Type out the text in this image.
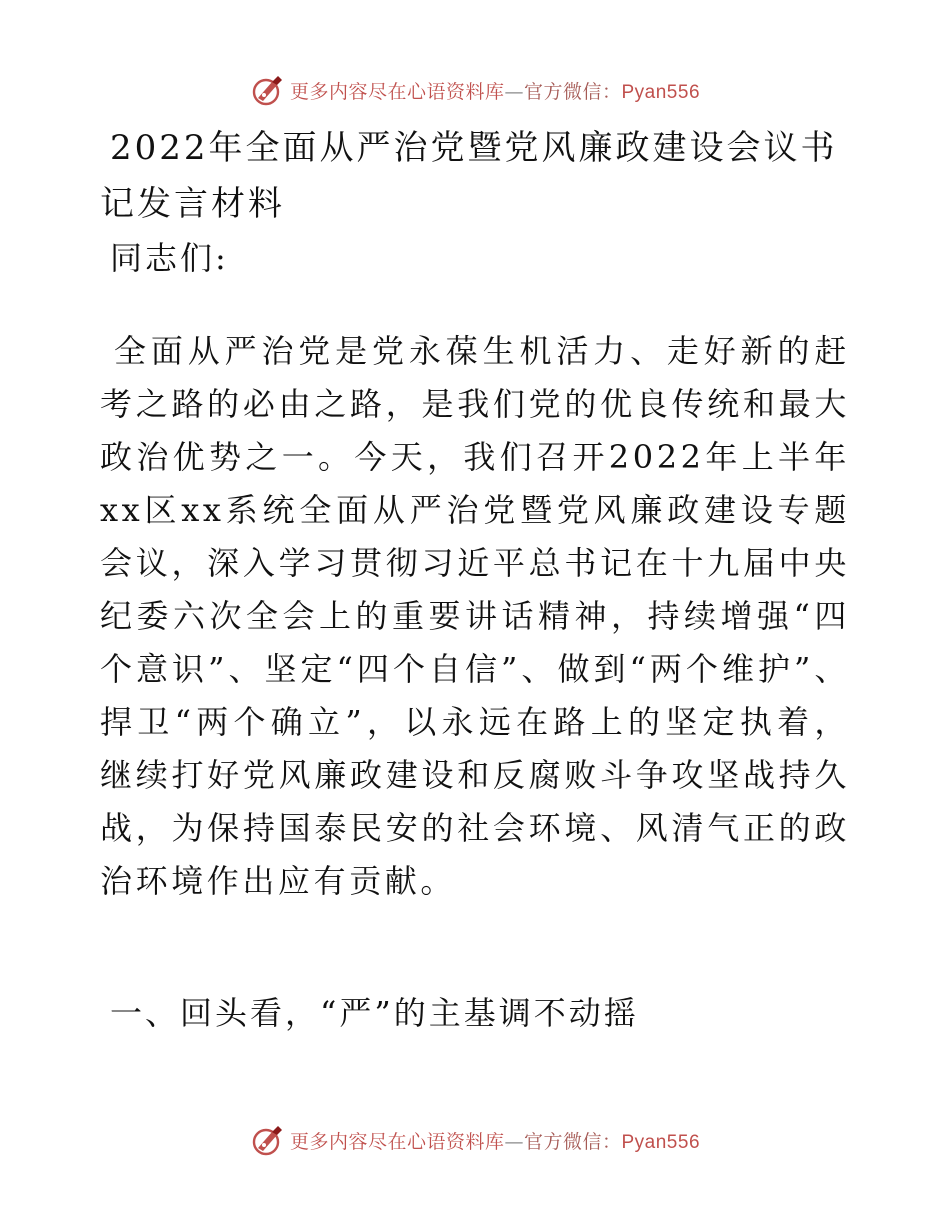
更多内容尽在心语资料库—官方微信：Pyan556
2022年全面从严治党暨党风廉政建设会议书记发言材料
同志们:

全面从严治党是党永葆生机活力、走好新的赶考之路的必由之路，是我们党的优良传统和最大政治优势之一。今天，我们召开2022年上半年xx区xx系统全面从严治党暨党风廉政建设专题会议，深入学习贯彻习近平总书记在十九届中央纪委六次全会上的重要讲话精神，持续增强“四个意识”、坚定“四个自信”、做到“两个维护”、捍卫“两个确立”，以永远在路上的坚定执着，继续打好党风廉政建设和反腐败斗争攻坚战持久战，为保持国泰民安的社会环境、风清气正的政治环境作出应有贡献。

一、回头看，“严”的主基调不动摇
更多内容尽在心语资料库—官方微信：Pyan556
